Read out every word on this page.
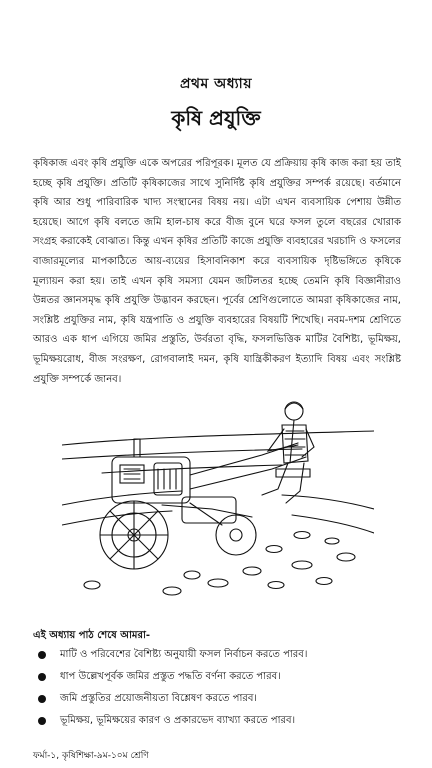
প্রথম অধ্যায়
কৃষি প্রযুক্তি

কৃষিকাজ এবং কৃষি প্রযুক্তি একে অপরের পরিপূরক। মূলত যে প্রক্রিয়ায় কৃষি কাজ করা হয় তাই হচ্ছে কৃষি প্রযুক্তি। প্রতিটি কৃষিকাজের সাথে সুনির্দিষ্ট কৃষি প্রযুক্তির সম্পর্ক রয়েছে। বর্তমানে কৃষি আর শুধু পারিবারিক খাদ্য সংস্থানের বিষয় নয়। এটা এখন ব্যবসায়িক পেশায় উন্নীত হয়েছে। আগে কৃষি বলতে জমি হাল-চাষ করে বীজ বুনে ঘরে ফসল তুলে বছরের খোরাক সংগ্রহ করাকেই বোঝাত। কিন্তু এখন কৃষির প্রতিটি কাজে প্রযুক্তি ব্যবহারের খরচাদি ও ফসলের বাজারমূল্যের মাপকাঠিতে আয়-ব্যয়ের হিসাবনিকাশ করে ব্যবসায়িক দৃষ্টিভঙ্গিতে কৃষিকে মূল্যায়ন করা হয়। তাই এখন কৃষি সমস্যা যেমন জটিলতর হচ্ছে তেমনি কৃষি বিজ্ঞানীরাও উন্নতর জ্ঞানসমৃদ্ধ কৃষি প্রযুক্তি উদ্ভাবন করছেন। পূর্বের শ্রেণিগুলোতে আমরা কৃষিকাজের নাম, সংশ্লিষ্ট প্রযুক্তির নাম, কৃষি যন্ত্রপাতি ও প্রযুক্তি ব্যবহারের বিষয়টি শিখেছি। নবম-দশম শ্রেণিতে আরও এক ধাপ এগিয়ে জমির প্রস্তুতি, উর্বরতা বৃদ্ধি, ফসলভিত্তিক মাটির বৈশিষ্ট্য, ভূমিক্ষয়, ভূমিক্ষয়রোধ, বীজ সংরক্ষণ, রোগবালাই দমন, কৃষি যান্ত্রিকীকরণ ইত্যাদি বিষয় এবং সংশ্লিষ্ট প্রযুক্তি সম্পর্কে জানব।

এই অধ্যায় পাঠ শেষে আমরা-
মাটি ও পরিবেশের বৈশিষ্ট্য অনুযায়ী ফসল নির্বাচন করতে পারব।
ধাপ উল্লেখপূর্বক জমির প্রস্তুত পদ্ধতি বর্ণনা করতে পারব।
জমি প্রস্তুতির প্রয়োজনীয়তা বিশ্লেষণ করতে পারব।
ভূমিক্ষয়, ভূমিক্ষয়ের কারণ ও প্রকারভেদ ব্যাখ্যা করতে পারব।
ফর্মা-১, কৃষিশিক্ষা-৯ম-১০ম শ্রেণি
